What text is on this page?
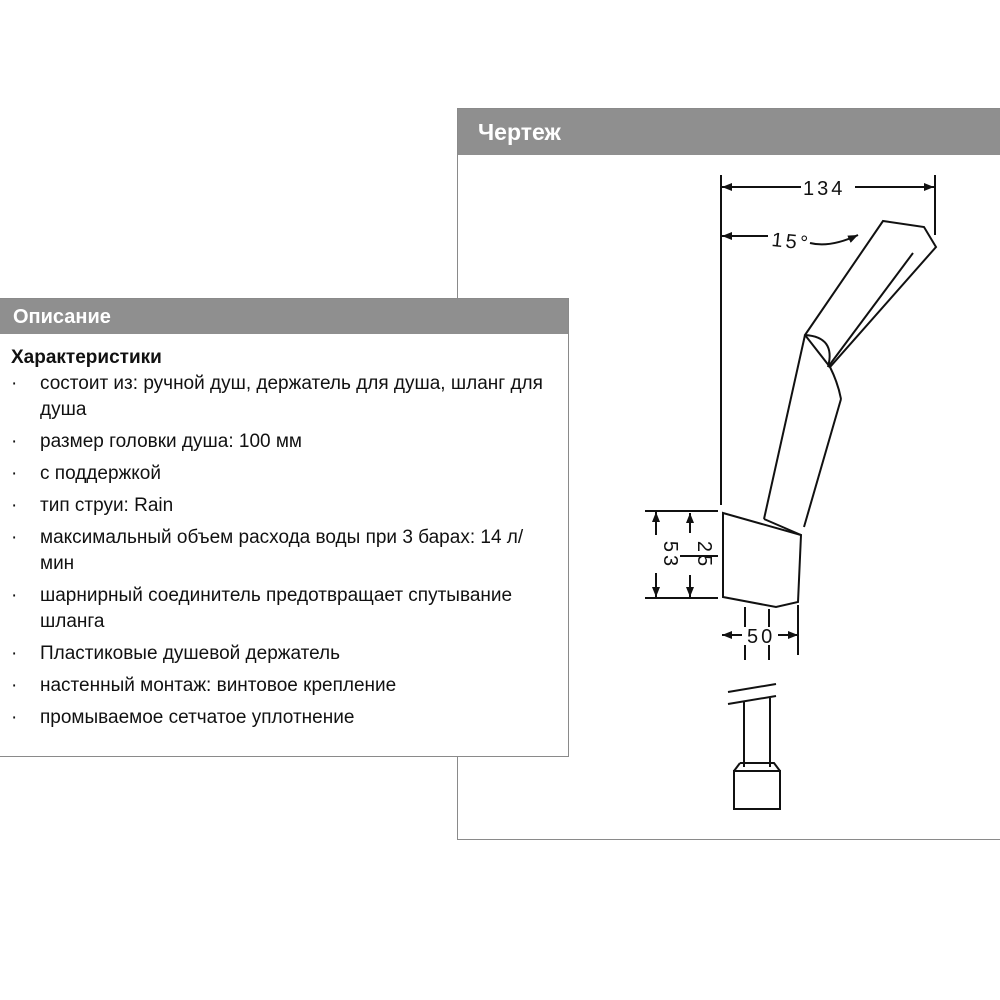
Чертеж
134
15°
53 25
50
Описание
Характеристики
· состоит из: ручной душ, держатель для душа, шланг для душа
· размер головки душа: 100 мм
· с поддержкой
· тип струи: Rain
· максимальный объем расхода воды при 3 барах: 14 л/мин
· шарнирный соединитель предотвращает спутывание шланга
· Пластиковые душевой держатель
· настенный монтаж: винтовое крепление
· промываемое сетчатое уплотнение
